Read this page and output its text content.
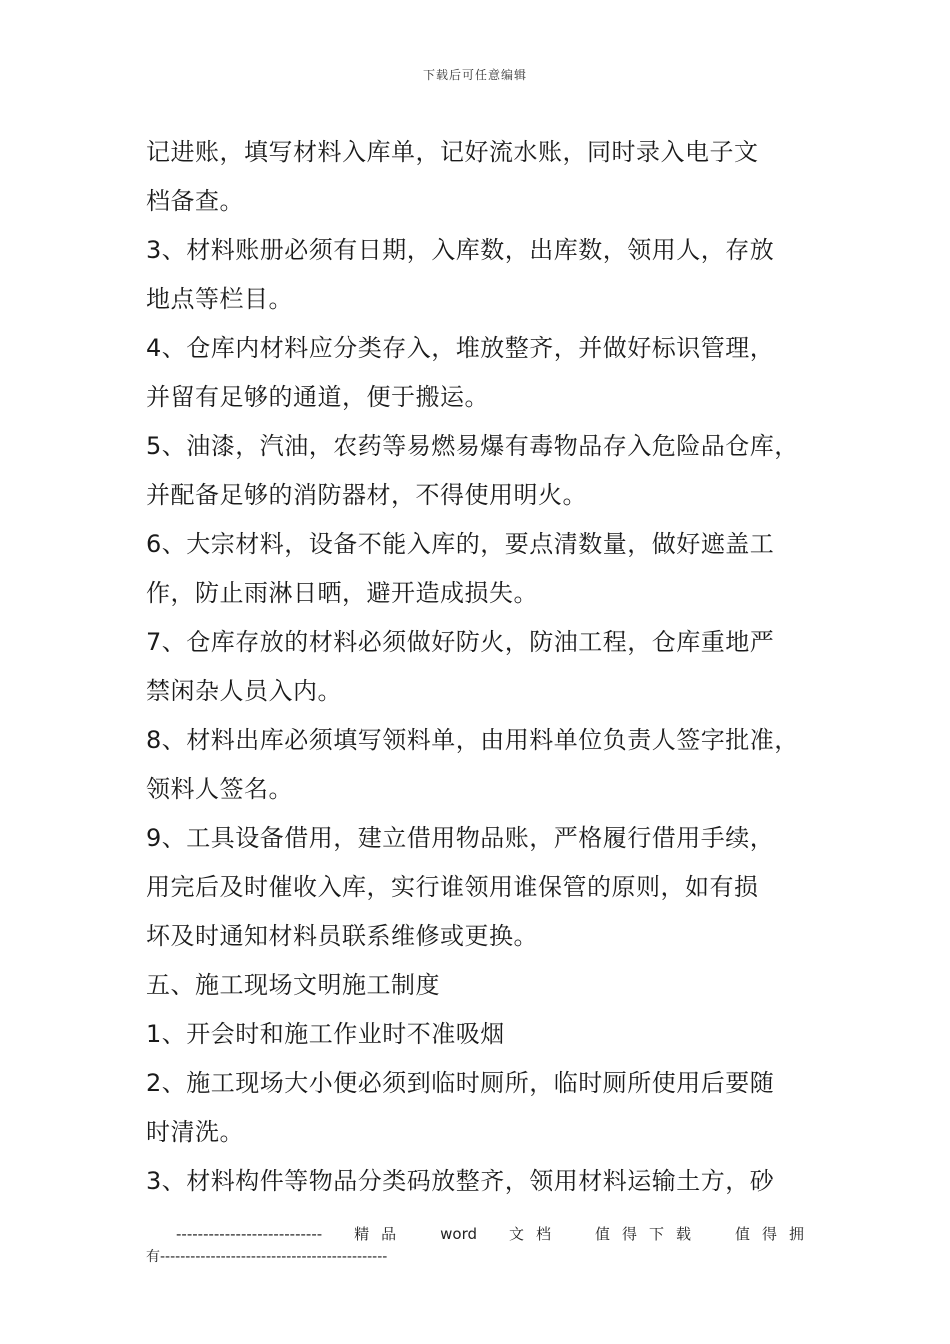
下载后可任意编辑
记进账，填写材料入库单，记好流水账，同时录入电子文
档备查。
3、材料账册必须有日期，入库数，出库数，领用人，存放
地点等栏目。
4、仓库内材料应分类存入，堆放整齐，并做好标识管理，
并留有足够的通道，便于搬运。
5、油漆，汽油，农药等易燃易爆有毒物品存入危险品仓库，
并配备足够的消防器材，不得使用明火。
6、大宗材料，设备不能入库的，要点清数量，做好遮盖工
作，防止雨淋日晒，避开造成损失。
7、仓库存放的材料必须做好防火，防油工程，仓库重地严
禁闲杂人员入内。
8、材料出库必须填写领料单，由用料单位负责人签字批准，
领料人签名。
9、工具设备借用，建立借用物品账，严格履行借用手续，
用完后及时催收入库，实行谁领用谁保管的原则，如有损
坏及时通知材料员联系维修或更换。
五、施工现场文明施工制度
1、开会时和施工作业时不准吸烟
2、施工现场大小便必须到临时厕所，临时厕所使用后要随
时清洗。
3、材料构件等物品分类码放整齐，领用材料运输土方，砂
--------------------------- 精品 word 文档 值得下载 值得拥
有---------------------------------------------
